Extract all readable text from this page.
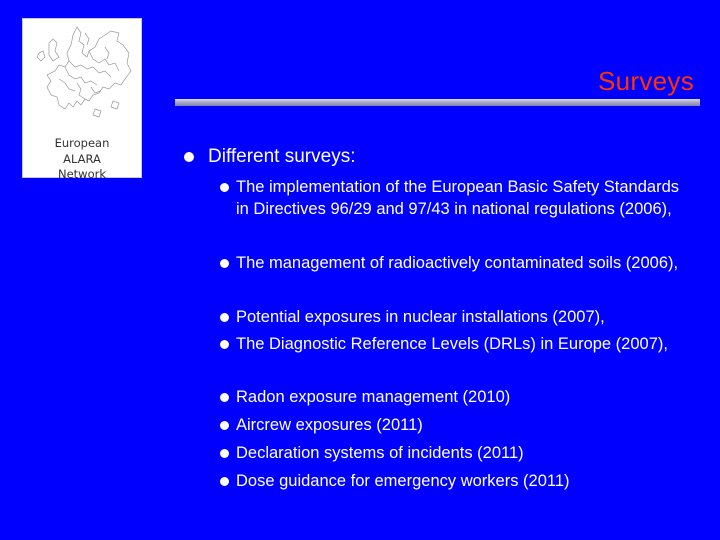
European
ALARA
Network
Surveys
Different surveys:
The implementation of the European Basic Safety Standards in Directives 96/29 and 97/43 in national regulations (2006),
The management of radioactively contaminated soils (2006),
Potential exposures in nuclear installations (2007),
The Diagnostic Reference Levels (DRLs) in Europe (2007),
Radon exposure management (2010)
Aircrew exposures (2011)
Declaration systems of incidents (2011)
Dose guidance for emergency workers (2011)
